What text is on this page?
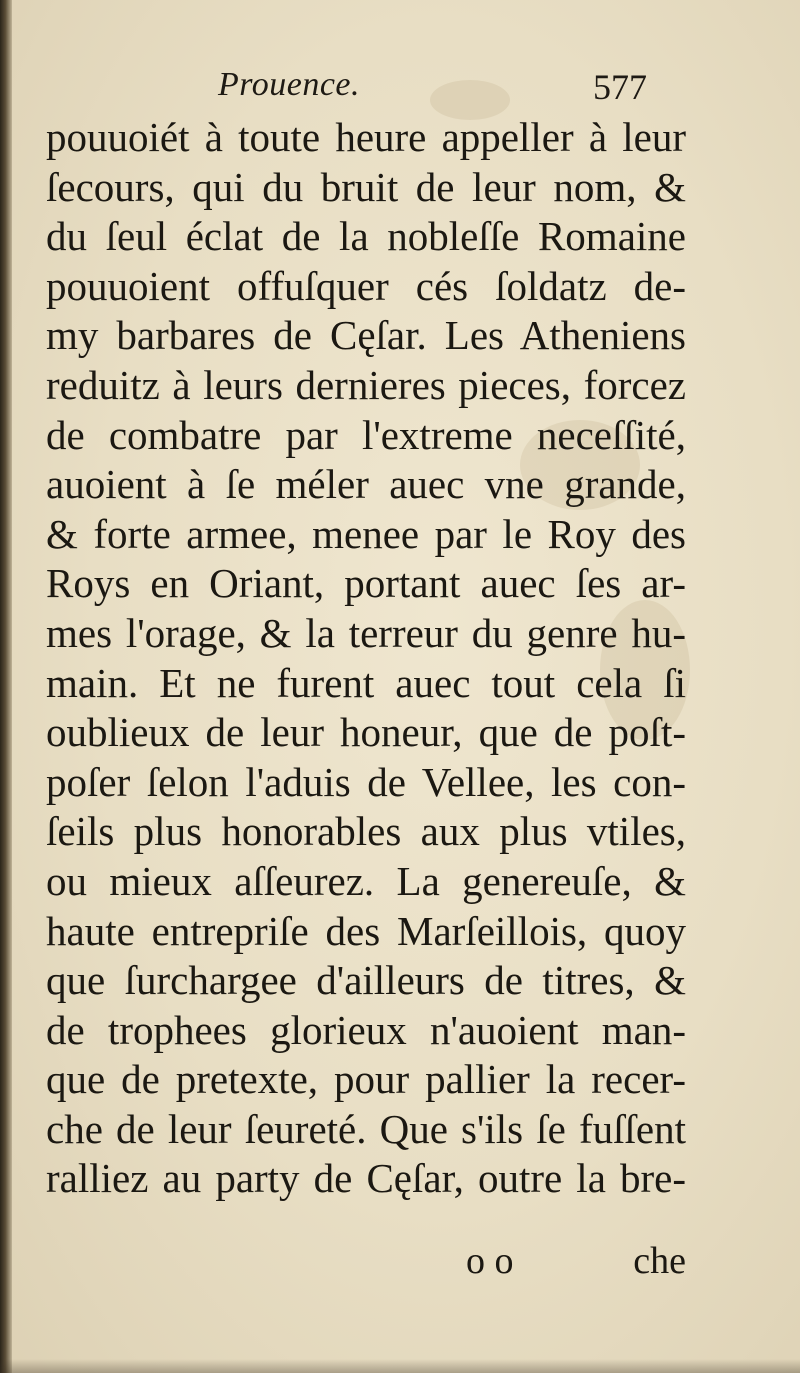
Prouence.	577
pouuoiét à toute heure appeller à leur
ſecours, qui du bruit de leur nom, &
du ſeul éclat de la nobleſſe Romaine
pouuoient offuſquer cés ſoldatz de-
my barbares de Cęſar. Les Atheniens
reduitz à leurs dernieres pieces, forcez
de combatre par l'extreme neceſſité,
auoient à ſe méler auec vne grande,
& forte armee, menee par le Roy des
Roys en Oriant, portant auec ſes ar-
mes l'orage, & la terreur du genre hu-
main. Et ne furent auec tout cela ſi
oublieux de leur honeur, que de poſt-
poſer ſelon l'aduis de Vellee, les con-
ſeils plus honorables aux plus vtiles,
ou mieux aſſeurez. La genereuſe, &
haute entrepriſe des Marſeillois, quoy
que ſurchargee d'ailleurs de titres, &
de trophees glorieux n'auoient man-
que de pretexte, pour pallier la recer-
che de leur ſeureté. Que s'ils ſe fuſſent
ralliez au party de Cęſar, outre la bre-
o o	che
